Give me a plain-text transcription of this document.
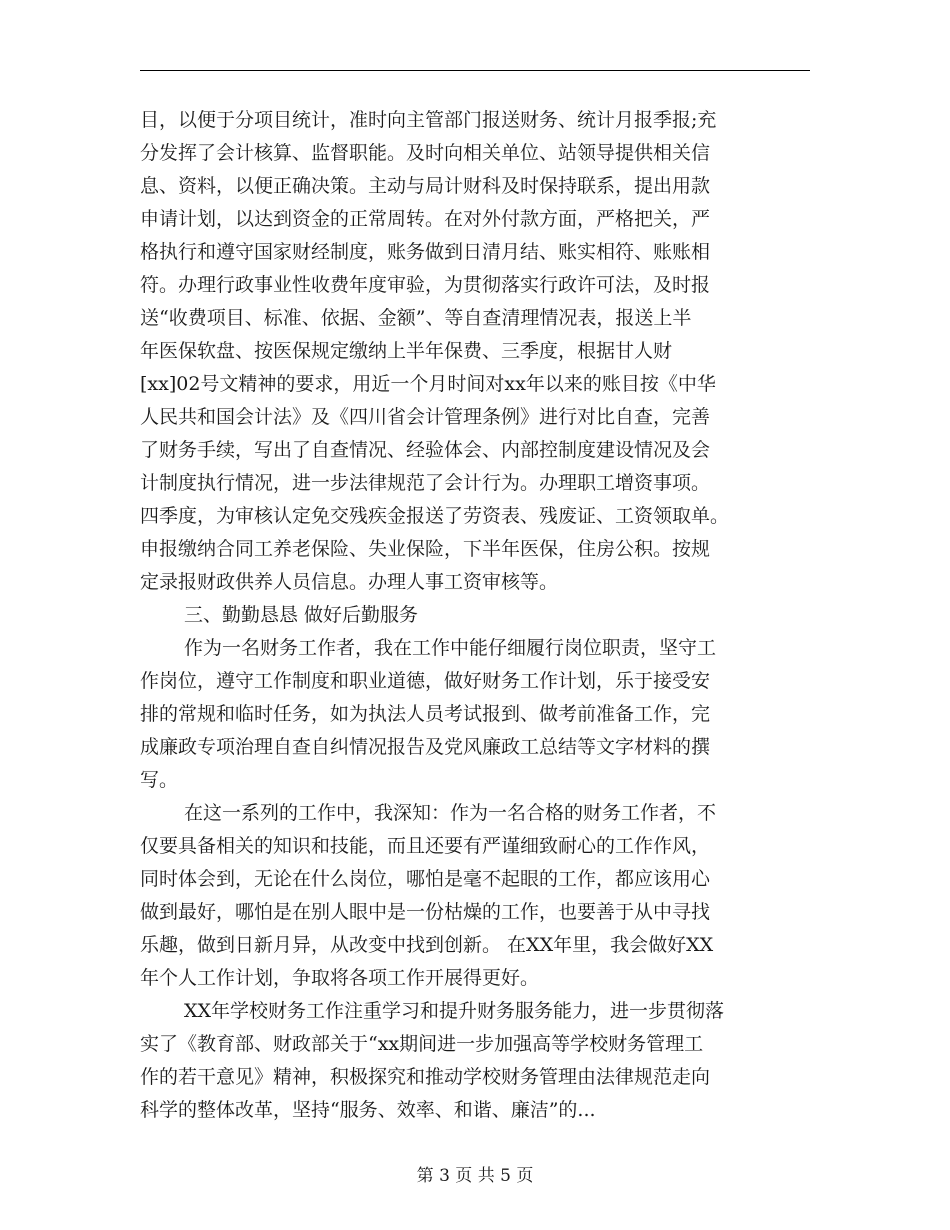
目，以便于分项目统计，准时向主管部门报送财务、统计月报季报;充
分发挥了会计核算、监督职能。及时向相关单位、站领导提供相关信
息、资料，以便正确决策。主动与局计财科及时保持联系，提出用款
申请计划，以达到资金的正常周转。在对外付款方面，严格把关，严
格执行和遵守国家财经制度，账务做到日清月结、账实相符、账账相
符。办理行政事业性收费年度审验，为贯彻落实行政许可法，及时报
送“收费项目、标准、依据、金额”、等自查清理情况表，报送上半
年医保软盘、按医保规定缴纳上半年保费、三季度，根据甘人财
[xx]02号文精神的要求，用近一个月时间对xx年以来的账目按《中华
人民共和国会计法》及《四川省会计管理条例》进行对比自查，完善
了财务手续，写出了自查情况、经验体会、内部控制度建设情况及会
计制度执行情况，进一步法律规范了会计行为。办理职工增资事项。
四季度，为审核认定免交残疾金报送了劳资表、残废证、工资领取单。
申报缴纳合同工养老保险、失业保险，下半年医保，住房公积。按规
定录报财政供养人员信息。办理人事工资审核等。
三、勤勤恳恳 做好后勤服务
作为一名财务工作者，我在工作中能仔细履行岗位职责，坚守工
作岗位，遵守工作制度和职业道德，做好财务工作计划，乐于接受安
排的常规和临时任务，如为执法人员考试报到、做考前准备工作，完
成廉政专项治理自查自纠情况报告及党风廉政工总结等文字材料的撰
写。
在这一系列的工作中，我深知：作为一名合格的财务工作者，不
仅要具备相关的知识和技能，而且还要有严谨细致耐心的工作作风，
同时体会到，无论在什么岗位，哪怕是毫不起眼的工作，都应该用心
做到最好，哪怕是在别人眼中是一份枯燥的工作，也要善于从中寻找
乐趣，做到日新月异，从改变中找到创新。 在XX年里，我会做好XX
年个人工作计划，争取将各项工作开展得更好。
XX年学校财务工作注重学习和提升财务服务能力，进一步贯彻落
实了《教育部、财政部关于“xx期间进一步加强高等学校财务管理工
作的若干意见》精神，积极探究和推动学校财务管理由法律规范走向
科学的整体改革，坚持“服务、效率、和谐、廉洁”的...
第 3 页 共 5 页
